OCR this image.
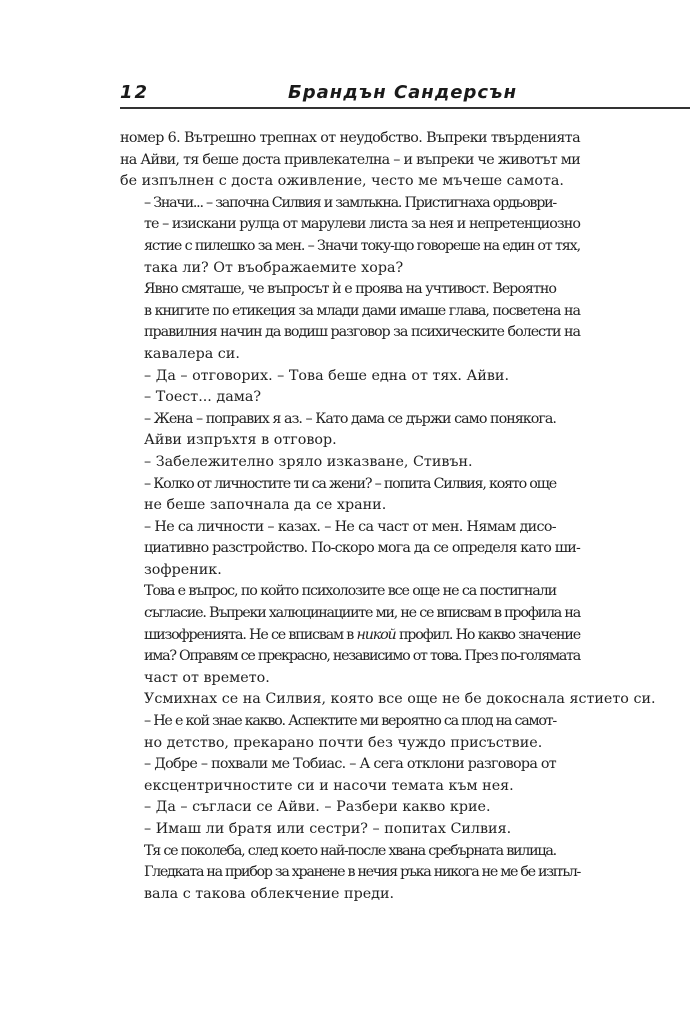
12	Брандън Сандерсън

номер 6. Вътрешно трепнах от неудобство. Въпреки твърденията
на Айви, тя беше доста привлекателна – и въпреки че животът ми
бе изпълнен с доста оживление, често ме мъчеше самота.

– Значи... – започна Силвия и замлъкна. Пристигнаха ордьоври-
те – изискани рулца от марулеви листа за нея и непретенциозно
ястие с пилешко за мен. – Значи току-що говореше на един от тях,
така ли? От въображаемите хора?

Явно смяташе, че въпросът ѝ е проява на учтивост. Вероятно
в книгите по етикеция за млади дами имаше глава, посветена на
правилния начин да водиш разговор за психическите болести на
кавалера си.

– Да – отговорих. – Това беше една от тях. Айви.

– Тоест... дама?

– Жена – поправих я аз. – Като дама се държи само понякога.
Айви изпръхтя в отговор.

– Забележително зряло изказване, Стивън.

– Колко от личностите ти са жени? – попита Силвия, която още
не беше започнала да се храни.

– Не са личности – казах. – Не са част от мен. Нямам дисо-
циативно разстройство. По-скоро мога да се определя като ши-
зофреник.

Това е въпрос, по който психолозите все още не са постигнали
съгласие. Въпреки халюцинациите ми, не се вписвам в профила на
шизофренията. Не се вписвам в никой профил. Но какво значение
има? Оправям се прекрасно, независимо от това. През по-голямата
част от времето.

Усмихнах се на Силвия, която все още не бе докоснала ястието си.

– Не е кой знае какво. Аспектите ми вероятно са плод на самот-
но детство, прекарано почти без чуждо присъствие.

– Добре – похвали ме Тобиас. – А сега отклони разговора от
ексцентричностите си и насочи темата към нея.

– Да – съгласи се Айви. – Разбери какво крие.

– Имаш ли братя или сестри? – попитах Силвия.

Тя се поколеба, след което най-после хвана сребърната вилица.
Гледката на прибор за хранене в нечия ръка никога не ме бе изпъл-
вала с такова облекчение преди.
